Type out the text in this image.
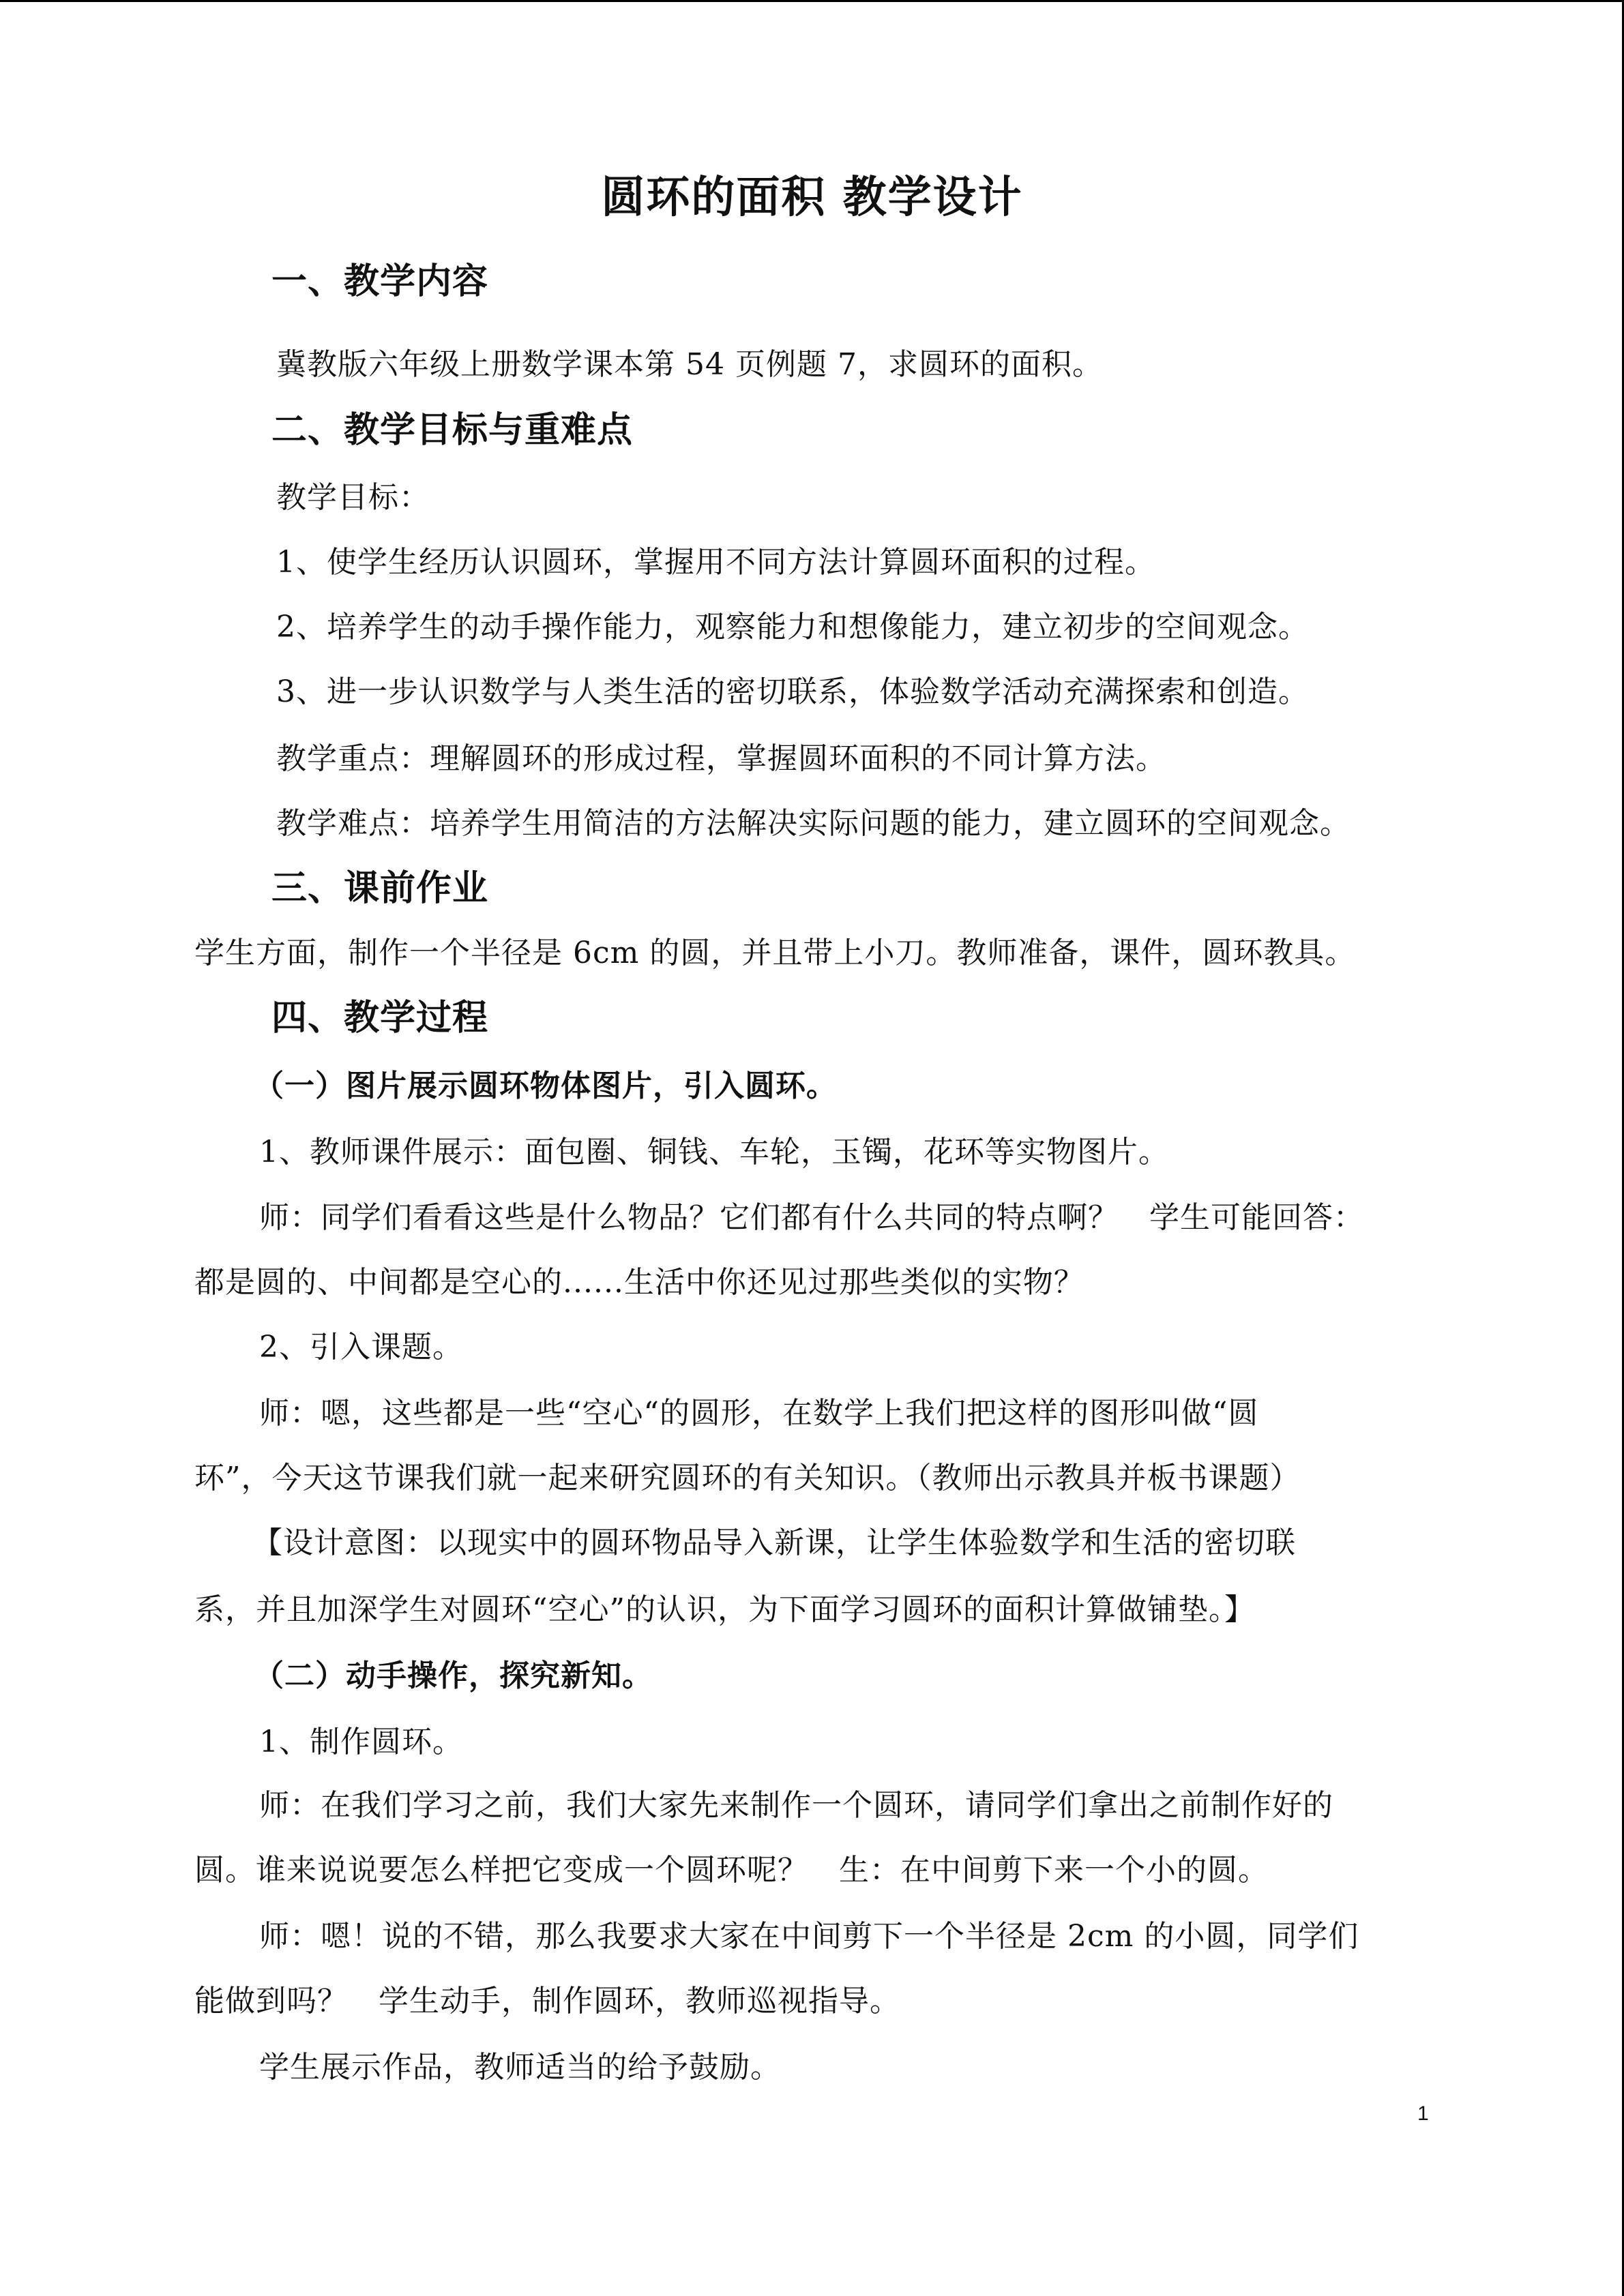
圆环的面积 教学设计
一、教学内容
冀教版六年级上册数学课本第 54 页例题 7，求圆环的面积。
二、教学目标与重难点
教学目标：
1、使学生经历认识圆环，掌握用不同方法计算圆环面积的过程。
2、培养学生的动手操作能力，观察能力和想像能力，建立初步的空间观念。
3、进一步认识数学与人类生活的密切联系，体验数学活动充满探索和创造。
教学重点：理解圆环的形成过程，掌握圆环面积的不同计算方法。
教学难点：培养学生用简洁的方法解决实际问题的能力，建立圆环的空间观念。
三、课前作业
学生方面，制作一个半径是 6cm 的圆，并且带上小刀。教师准备，课件，圆环教具。
四、教学过程
（一）图片展示圆环物体图片，引入圆环。
1、教师课件展示：面包圈、铜钱、车轮，玉镯，花环等实物图片。
师：同学们看看这些是什么物品？它们都有什么共同的特点啊？　学生可能回答：
都是圆的、中间都是空心的......生活中你还见过那些类似的实物？
2、引入课题。
师：嗯，这些都是一些“空心“的圆形，在数学上我们把这样的图形叫做“圆
环”，今天这节课我们就一起来研究圆环的有关知识。（教师出示教具并板书课题）
【设计意图：以现实中的圆环物品导入新课，让学生体验数学和生活的密切联
系，并且加深学生对圆环“空心”的认识，为下面学习圆环的面积计算做铺垫。】
（二）动手操作，探究新知。
1、制作圆环。
师：在我们学习之前，我们大家先来制作一个圆环，请同学们拿出之前制作好的
圆。谁来说说要怎么样把它变成一个圆环呢？　生：在中间剪下来一个小的圆。
师：嗯！说的不错，那么我要求大家在中间剪下一个半径是 2cm 的小圆，同学们
能做到吗？　学生动手，制作圆环，教师巡视指导。
学生展示作品，教师适当的给予鼓励。
1
